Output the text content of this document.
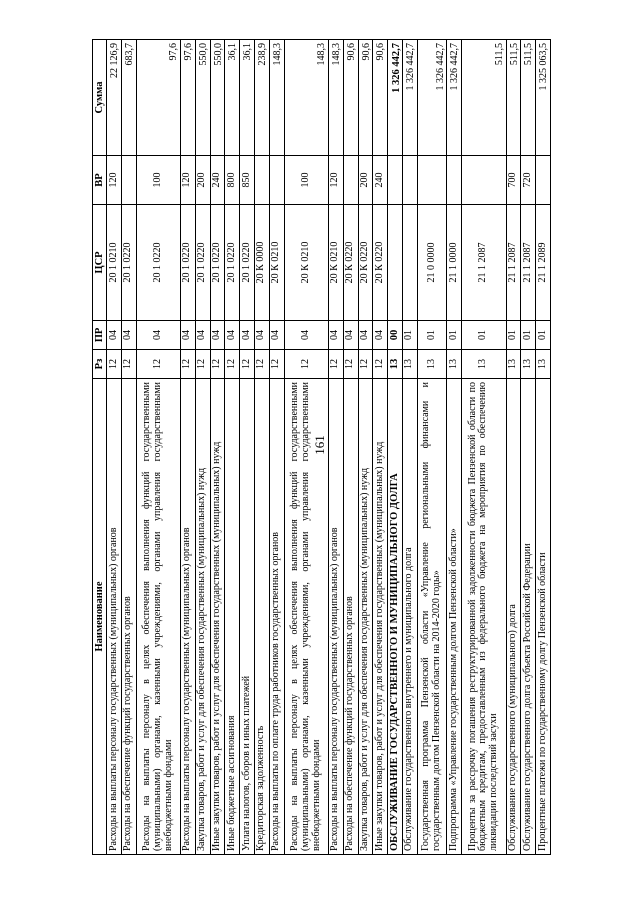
161
Наименование	Рз	ПР	ЦСР	ВР	Сумма
Расходы на выплаты персоналу государственных (муниципальных) органов	12	04	20 1 0210	120	22 126,9
Расходы на обеспечение функций государственных органов	12	04	20 1 0220		683,7
Расходы на выплаты персоналу в целях обеспечения выполнения функций государственными (муниципальными) органами, казенными учреждениями, органами управления государственными внебюджетными фондами	12	04	20 1 0220	100	97,6
Расходы на выплаты персоналу государственных (муниципальных) органов	12	04	20 1 0220	120	97,6
Закупка товаров, работ и услуг для обеспечения государственных (муниципальных) нужд	12	04	20 1 0220	200	550,0
Иные закупки товаров, работ и услуг для обеспечения государственных (муниципальных) нужд	12	04	20 1 0220	240	550,0
Иные бюджетные ассигнования	12	04	20 1 0220	800	36,1
Уплата налогов, сборов и иных платежей	12	04	20 1 0220	850	36,1
Кредиторская задолженность	12	04	20 К 0000		238,9
Расходы на выплаты по оплате труда работников государственных органов	12	04	20 К 0210		148,3
Расходы на выплаты персоналу в целях обеспечения выполнения функций государственными (муниципальными) органами, казенными учреждениями, органами управления государственными внебюджетными фондами	12	04	20 К 0210	100	148,3
Расходы на выплаты персоналу государственных (муниципальных) органов	12	04	20 К 0210	120	148,3
Расходы на обеспечение функций государственных органов	12	04	20 К 0220		90,6
Закупка товаров, работ и услуг для обеспечения государственных (муниципальных) нужд	12	04	20 К 0220	200	90,6
Иные закупки товаров, работ и услуг для обеспечения государственных (муниципальных) нужд	12	04	20 К 0220	240	90,6
ОБСЛУЖИВАНИЕ ГОСУДАРСТВЕННОГО И МУНИЦИПАЛЬНОГО ДОЛГА	13	00			1 326 442,7
Обслуживание государственного внутреннего и муниципального долга	13	01			1 326 442,7
Государственная программа Пензенской области «Управление региональными финансами и государственным долгом Пензенской области на 2014-2020 годы»	13	01	21 0 0000		1 326 442,7
Подпрограмма «Управление государственным долгом Пензенской области»	13	01	21 1 0000		1 326 442,7
Проценты за рассрочку погашения реструктурированной задолженности бюджета Пензенской области по бюджетным кредитам, предоставленным из федерального бюджета на мероприятия по обеспечению ликвидации последствий засухи	13	01	21 1 2087		511,5
Обслуживание государственного (муниципального) долга	13	01	21 1 2087	700	511,5
Обслуживание государственного долга субъекта Российской Федерации	13	01	21 1 2087	720	511,5
Процентные платежи по государственному долгу Пензенской области	13	01	21 1 2089		1 325 063,5
